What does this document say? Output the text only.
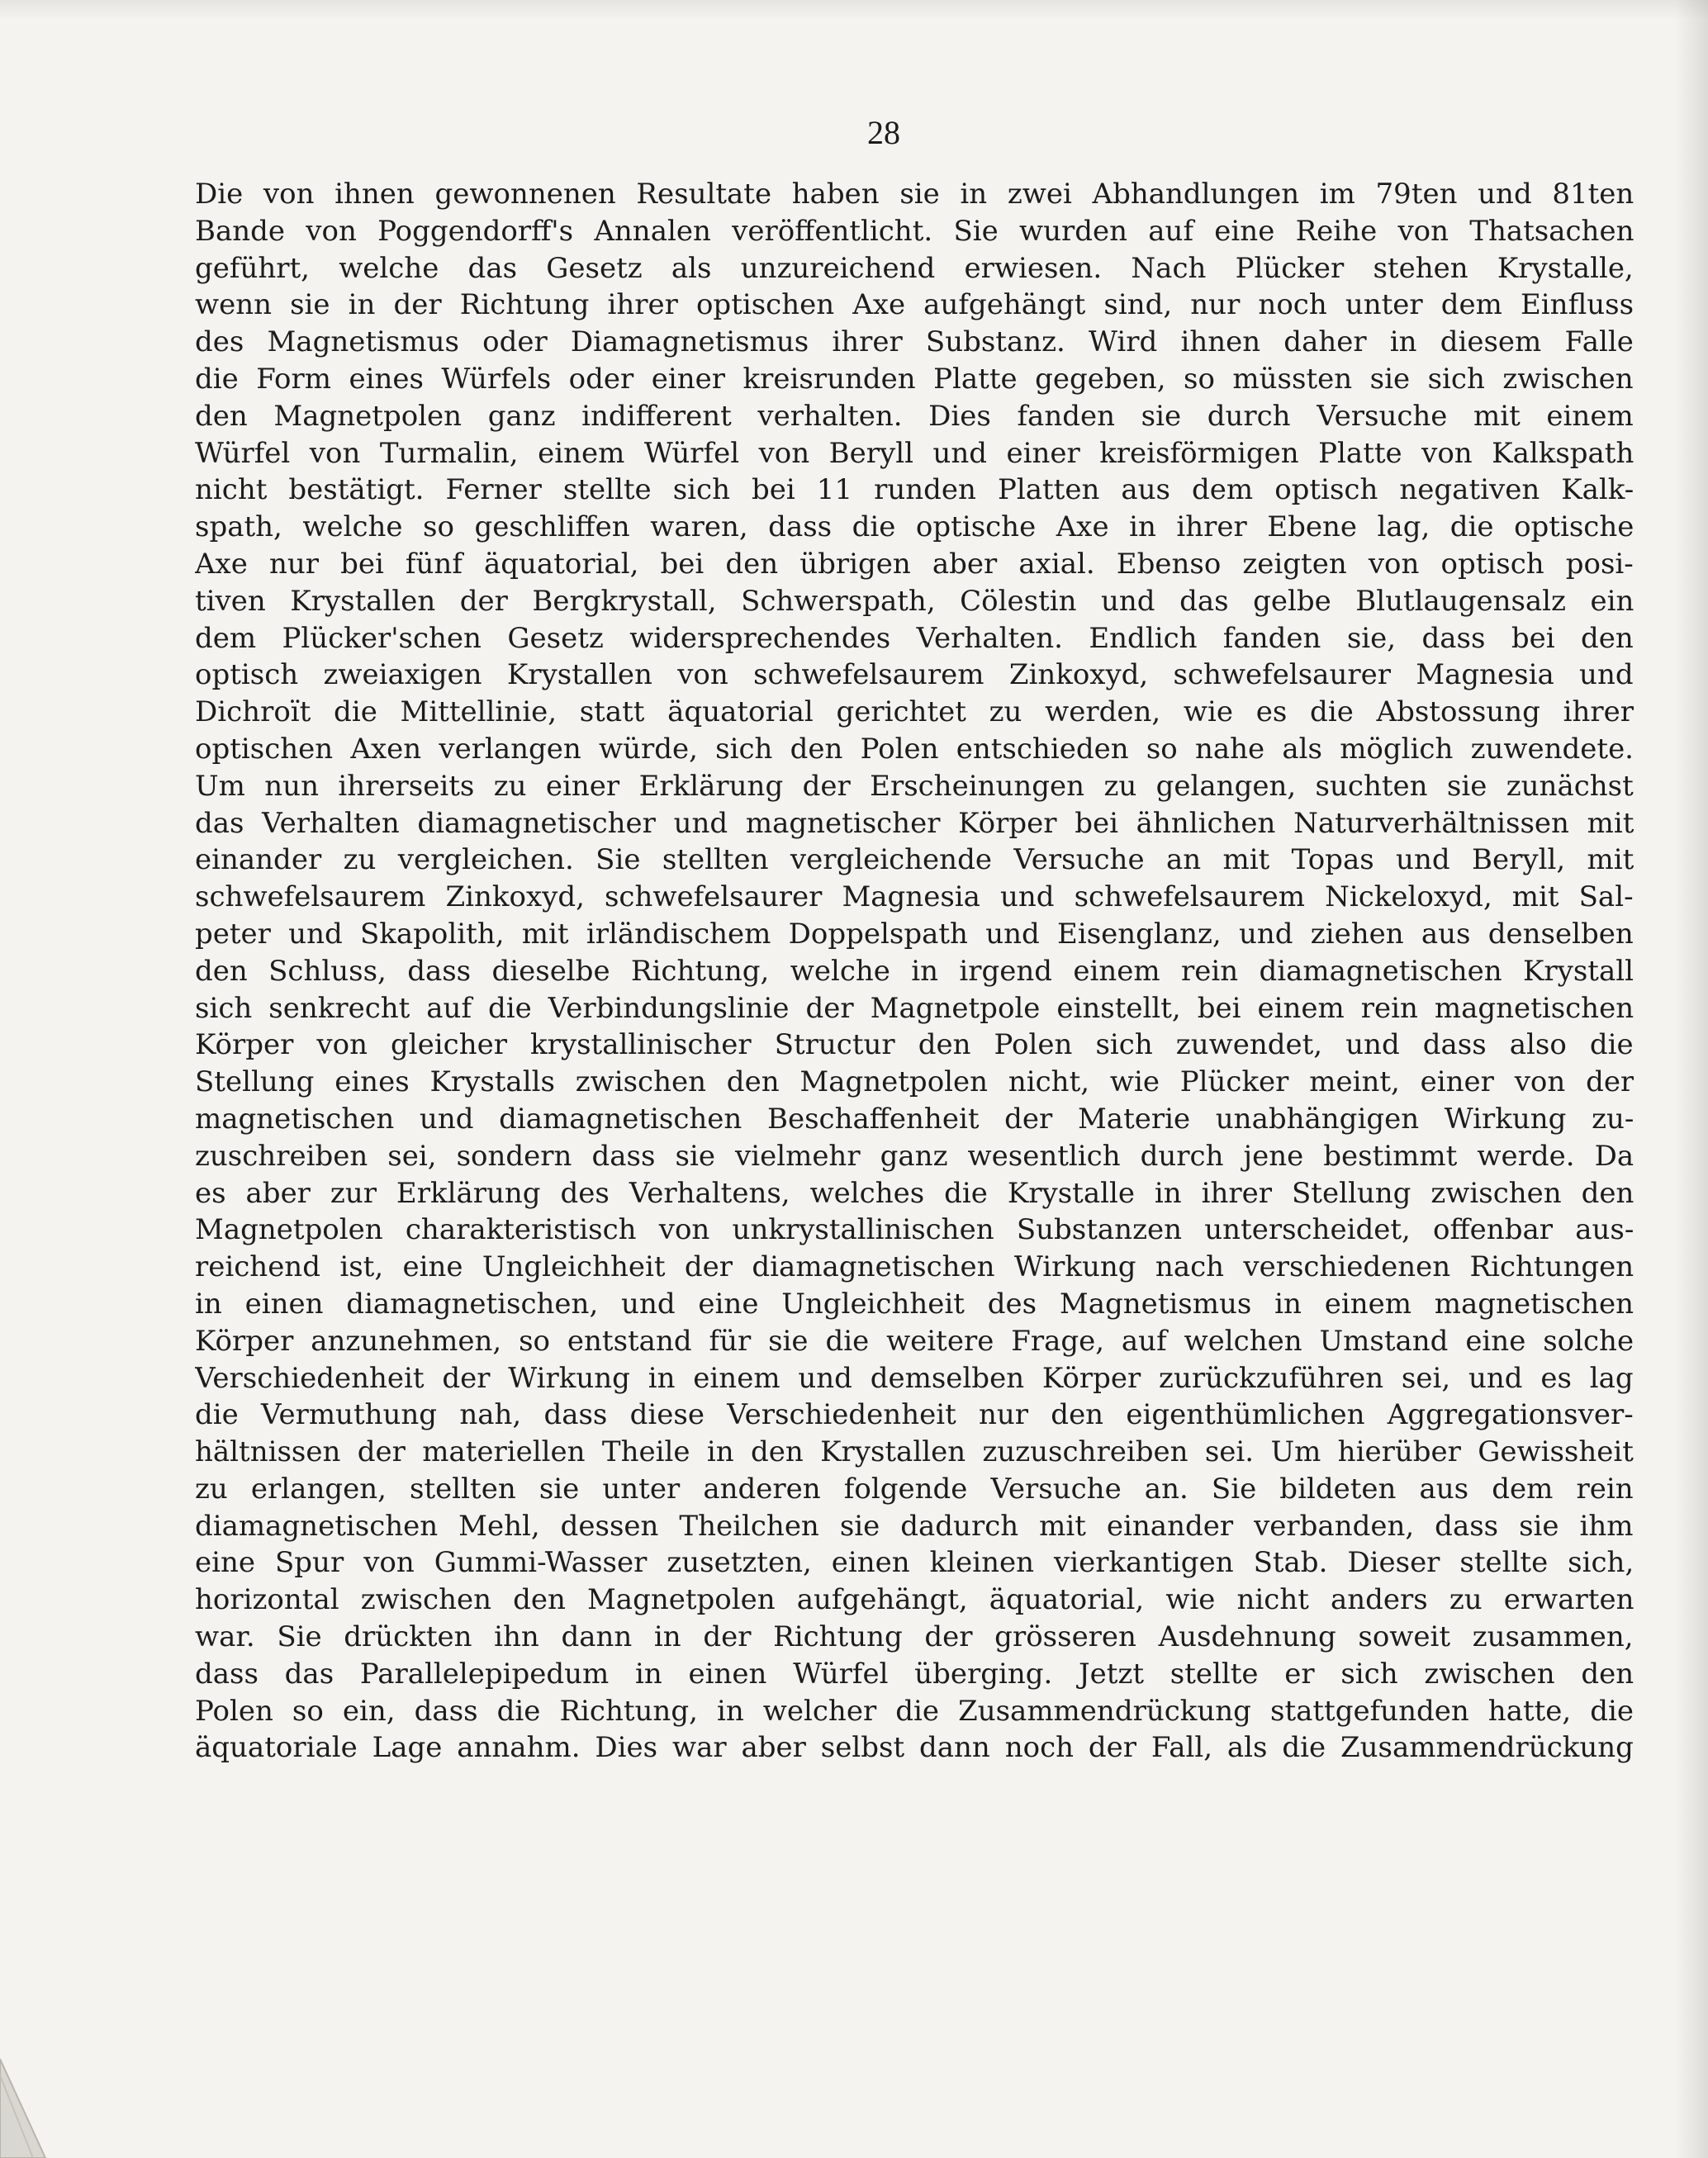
28
Die von ihnen gewonnenen Resultate haben sie in zwei Abhandlungen im 79ten und 81ten
Bande von Poggendorff's Annalen veröffentlicht. Sie wurden auf eine Reihe von Thatsachen
geführt, welche das Gesetz als unzureichend erwiesen. Nach Plücker stehen Krystalle,
wenn sie in der Richtung ihrer optischen Axe aufgehängt sind, nur noch unter dem Einfluss
des Magnetismus oder Diamagnetismus ihrer Substanz. Wird ihnen daher in diesem Falle
die Form eines Würfels oder einer kreisrunden Platte gegeben, so müssten sie sich zwischen
den Magnetpolen ganz indifferent verhalten. Dies fanden sie durch Versuche mit einem
Würfel von Turmalin, einem Würfel von Beryll und einer kreisförmigen Platte von Kalkspath
nicht bestätigt. Ferner stellte sich bei 11 runden Platten aus dem optisch negativen Kalk-
spath, welche so geschliffen waren, dass die optische Axe in ihrer Ebene lag, die optische
Axe nur bei fünf äquatorial, bei den übrigen aber axial. Ebenso zeigten von optisch posi-
tiven Krystallen der Bergkrystall, Schwerspath, Cölestin und das gelbe Blutlaugensalz ein
dem Plücker'schen Gesetz widersprechendes Verhalten. Endlich fanden sie, dass bei den
optisch zweiaxigen Krystallen von schwefelsaurem Zinkoxyd, schwefelsaurer Magnesia und
Dichroït die Mittellinie, statt äquatorial gerichtet zu werden, wie es die Abstossung ihrer
optischen Axen verlangen würde, sich den Polen entschieden so nahe als möglich zuwendete.
Um nun ihrerseits zu einer Erklärung der Erscheinungen zu gelangen, suchten sie zunächst
das Verhalten diamagnetischer und magnetischer Körper bei ähnlichen Naturverhältnissen mit
einander zu vergleichen. Sie stellten vergleichende Versuche an mit Topas und Beryll, mit
schwefelsaurem Zinkoxyd, schwefelsaurer Magnesia und schwefelsaurem Nickeloxyd, mit Sal-
peter und Skapolith, mit irländischem Doppelspath und Eisenglanz, und ziehen aus denselben
den Schluss, dass dieselbe Richtung, welche in irgend einem rein diamagnetischen Krystall
sich senkrecht auf die Verbindungslinie der Magnetpole einstellt, bei einem rein magnetischen
Körper von gleicher krystallinischer Structur den Polen sich zuwendet, und dass also die
Stellung eines Krystalls zwischen den Magnetpolen nicht, wie Plücker meint, einer von der
magnetischen und diamagnetischen Beschaffenheit der Materie unabhängigen Wirkung zu-
zuschreiben sei, sondern dass sie vielmehr ganz wesentlich durch jene bestimmt werde. Da
es aber zur Erklärung des Verhaltens, welches die Krystalle in ihrer Stellung zwischen den
Magnetpolen charakteristisch von unkrystallinischen Substanzen unterscheidet, offenbar aus-
reichend ist, eine Ungleichheit der diamagnetischen Wirkung nach verschiedenen Richtungen
in einen diamagnetischen, und eine Ungleichheit des Magnetismus in einem magnetischen
Körper anzunehmen, so entstand für sie die weitere Frage, auf welchen Umstand eine solche
Verschiedenheit der Wirkung in einem und demselben Körper zurückzuführen sei, und es lag
die Vermuthung nah, dass diese Verschiedenheit nur den eigenthümlichen Aggregationsver-
hältnissen der materiellen Theile in den Krystallen zuzuschreiben sei. Um hierüber Gewissheit
zu erlangen, stellten sie unter anderen folgende Versuche an. Sie bildeten aus dem rein
diamagnetischen Mehl, dessen Theilchen sie dadurch mit einander verbanden, dass sie ihm
eine Spur von Gummi-Wasser zusetzten, einen kleinen vierkantigen Stab. Dieser stellte sich,
horizontal zwischen den Magnetpolen aufgehängt, äquatorial, wie nicht anders zu erwarten
war. Sie drückten ihn dann in der Richtung der grösseren Ausdehnung soweit zusammen,
dass das Parallelepipedum in einen Würfel überging. Jetzt stellte er sich zwischen den
Polen so ein, dass die Richtung, in welcher die Zusammendrückung stattgefunden hatte, die
äquatoriale Lage annahm. Dies war aber selbst dann noch der Fall, als die Zusammendrückung
